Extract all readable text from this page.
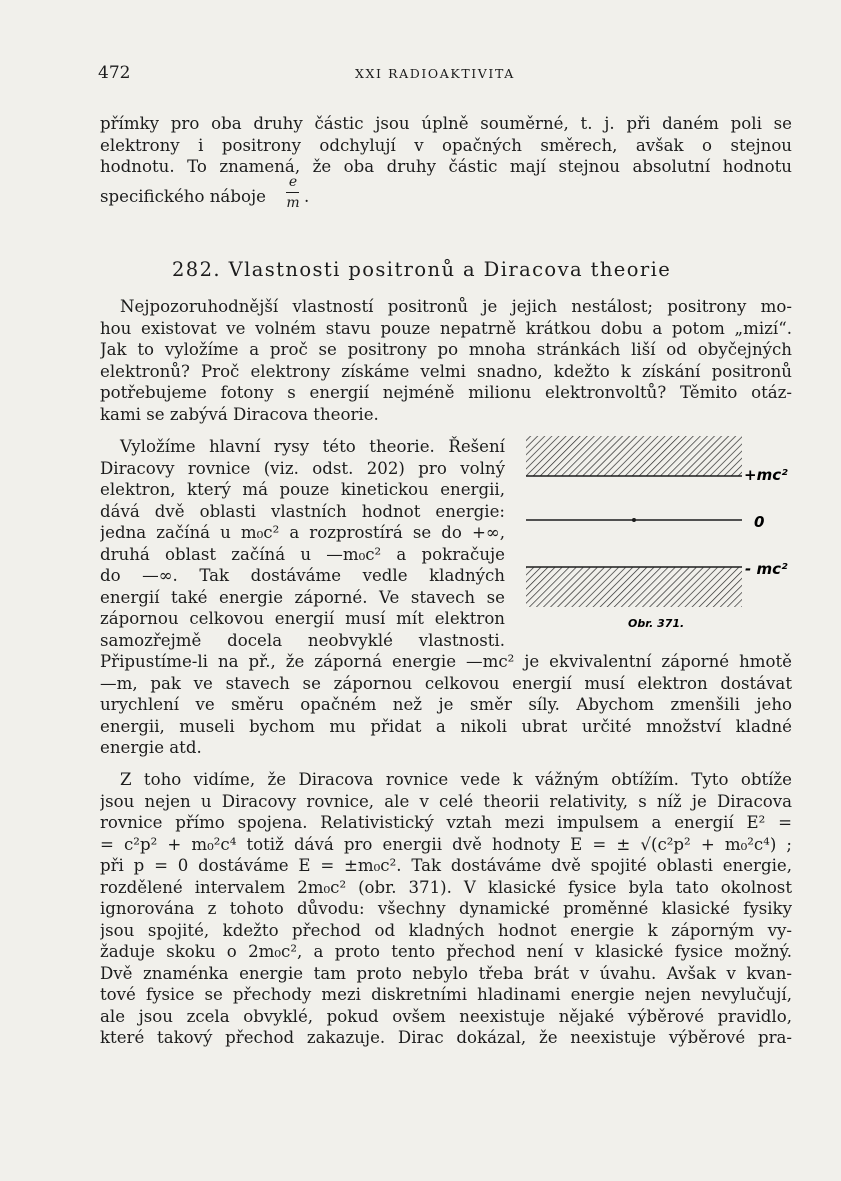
472	XXI RADIOAKTIVITA
přímky pro oba druhy částic jsou úplně souměrné, t. j. při daném poli se
elektrony i positrony odchylují v opačných směrech, avšak o stejnou
hodnotu. To znamená, že oba druhy částic mají stejnou absolutní hodnotu
specifického náboje
e
m .
282. Vlastnosti positronů a Diracova theorie
Nejpozoruhodnější vlastností positronů je jejich nestálost; positrony mo-
hou existovat ve volném stavu pouze nepatrně krátkou dobu a potom „mizí“.
Jak to vyložíme a proč se positrony po mnoha stránkách liší od obyčejných
elektronů? Proč elektrony získáme velmi snadno, kdežto k získání positronů
potřebujeme fotony s energií nejméně milionu elektronvoltů? Těmito otáz-
kami se zabývá Diracova theorie.
Vyložíme hlavní rysy této theorie. Řešení
Diracovy rovnice (viz. odst. 202) pro volný
elektron, který má pouze kinetickou energii,
dává dvě oblasti vlastních hodnot energie:
jedna začíná u m₀c² a rozprostírá se do +∞,
druhá oblast začíná u —m₀c² a pokračuje
do —∞. Tak dostáváme vedle kladných
energií také energie záporné. Ve stavech se
zápornou celkovou energií musí mít elektron
samozřejmě docela neobvyklé vlastnosti.
Připustíme-li na př., že záporná energie —mc² je ekvivalentní záporné hmotě
—m, pak ve stavech se zápornou celkovou energií musí elektron dostávat
urychlení ve směru opačném než je směr síly. Abychom zmenšili jeho
energii, museli bychom mu přidat a nikoli ubrat určité množství kladné
energie atd.
Z toho vidíme, že Diracova rovnice vede k vážným obtížím. Tyto obtíže
jsou nejen u Diracovy rovnice, ale v celé theorii relativity, s níž je Diracova
rovnice přímo spojena. Relativistický vztah mezi impulsem a energií E² =
= c²p² + m₀²c⁴ totiž dává pro energii dvě hodnoty E = ± √(c²p² + m₀²c⁴) ;
při p = 0 dostáváme E = ±m₀c². Tak dostáváme dvě spojité oblasti energie,
rozdělené intervalem 2m₀c² (obr. 371). V klasické fysice byla tato okolnost
ignorována z tohoto důvodu: všechny dynamické proměnné klasické fysiky
jsou spojité, kdežto přechod od kladných hodnot energie k záporným vy-
žaduje skoku o 2m₀c², a proto tento přechod není v klasické fysice možný.
Dvě znaménka energie tam proto nebylo třeba brát v úvahu. Avšak v kvan-
tové fysice se přechody mezi diskretními hladinami energie nejen nevylučují,
ale jsou zcela obvyklé, pokud ovšem neexistuje nějaké výběrové pravidlo,
které takový přechod zakazuje. Dirac dokázal, že neexistuje výběrové pra-
+mc²
0
- mc²
Obr. 371.
